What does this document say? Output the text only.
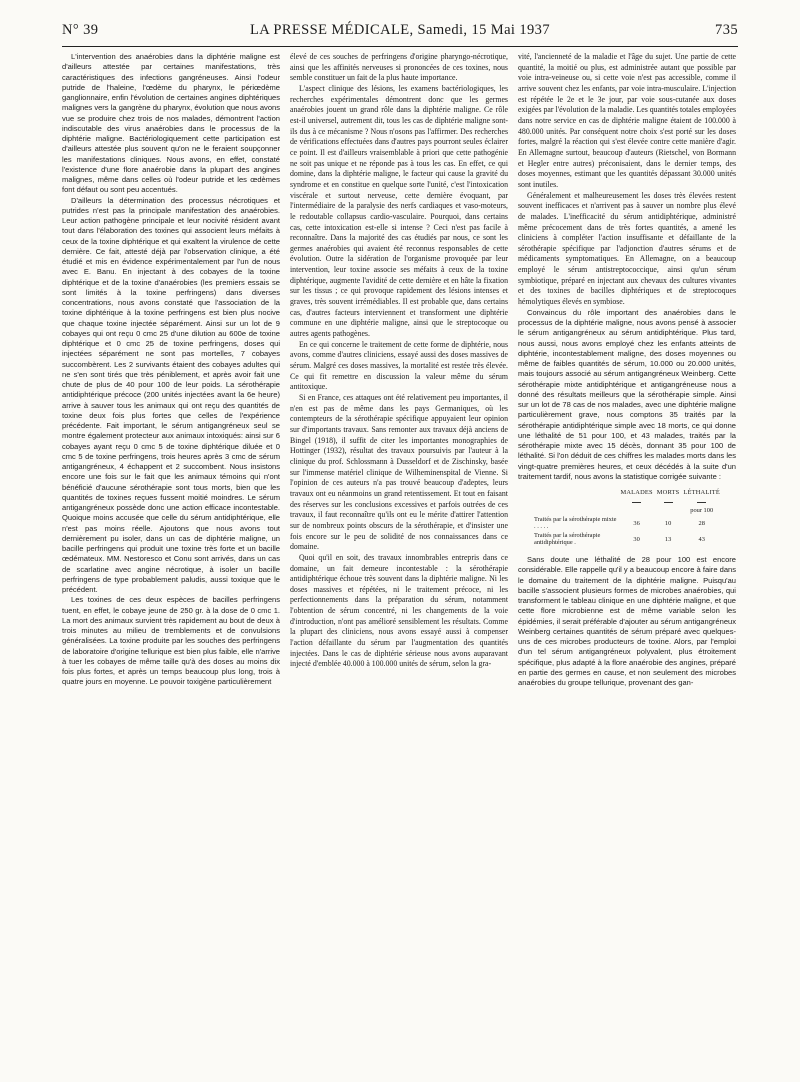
N° 39	LA PRESSE MÉDICALE, Samedi, 15 Mai 1937	735

L'intervention des anaérobies dans la diphtérie maligne est d'ailleurs attestée par certaines manifestations, très caractéristiques des infections gangréneuses. Ainsi l'odeur putride de l'haleine, l'œdème du pharynx, le périœdème ganglionnaire, enfin l'évolution de certaines angines diphtériques malignes vers la gangrène du pharynx, évolution que nous avons vue se produire chez trois de nos malades, démontrent l'action indiscutable des virus anaérobies dans le processus de la diphtérie maligne. Bactériologiquement cette participation est d'ailleurs attestée plus souvent qu'on ne le feraient soupçonner les manifestations cliniques. Nous avons, en effet, constaté l'existence d'une flore anaérobie dans la plupart des angines malignes, même dans celles où l'odeur putride et les œdèmes font défaut ou sont peu accentués.

D'ailleurs la détermination des processus nécrotiques et putrides n'est pas la principale manifestation des anaérobies. Leur action pathogène principale et leur nocivité résident avant tout dans l'élaboration des toxines qui associent leurs méfaits à ceux de la toxine diphtérique et qui exaltent la virulence de cette dernière. Ce fait, attesté déjà par l'observation clinique, a été étudié et mis en évidence expérimentalement par l'un de nous avec E. Banu. En injectant à des cobayes de la toxine diphtérique et de la toxine d'anaérobies (les premiers essais se sont limités à la toxine perfringens) dans diverses concentrations, nous avons constaté que l'association de la toxine diphtérique à la toxine perfringens est bien plus nocive que chaque toxine injectée séparément. Ainsi sur un lot de 9 cobayes qui ont reçu 0 cmc 25 d'une dilution au 600e de toxine diphtérique et 0 cmc 25 de toxine perfringens, doses qui injectées séparément ne sont pas mortelles, 7 cobayes succombèrent. Les 2 survivants étaient des cobayes adultes qui ne s'en sont tirés que très péniblement, et après avoir fait une chute de plus de 40 pour 100 de leur poids. La sérothérapie antidiphtérique précoce (200 unités injectées avant la 6e heure) arrive à sauver tous les animaux qui ont reçu des quantités de toxine deux fois plus fortes que celles de l'expérience précédente. Fait important, le sérum antigangréneux seul se montre également protecteur aux animaux intoxiqués: ainsi sur 6 cobayes ayant reçu 0 cmc 5 de toxine diphtérique diluée et 0 cmc 5 de toxine perfringens, trois heures après 3 cmc de sérum antigangréneux, 4 échappent et 2 succombent. Nous insistons encore une fois sur le fait que les animaux témoins qui n'ont bénéficié d'aucune sérothérapie sont tous morts, bien que les quantités de toxines reçues fussent moitié moindres. Le sérum antigangréneux possède donc une action efficace incontestable. Quoique moins accusée que celle du sérum antidiphtérique, elle n'est pas moins réelle. Ajoutons que nous avons tout dernièrement pu isoler, dans un cas de diphtérie maligne, un bacille perfringens qui produit une toxine très forte et un bacille œdémateux. MM. Nestoresco et Conu sont arrivés, dans un cas de scarlatine avec angine nécrotique, à isoler un bacille perfringens de type probablement paludis, aussi toxique que le précédent.

Les toxines de ces deux espèces de bacilles perfringens tuent, en effet, le cobaye jeune de 250 gr. à la dose de 0 cmc 1. La mort des animaux survient très rapidement au bout de deux à trois minutes au milieu de tremblements et de convulsions généralisées. La toxine produite par les souches des perfringens de laboratoire d'origine tellurique est bien plus faible, elle n'arrive à tuer les cobayes de même taille qu'à des doses au moins dix fois plus fortes, et après un temps beaucoup plus long, trois à quatre jours en moyenne. Le pouvoir toxigène particulièrement

élevé de ces souches de perfringens d'origine pharyngo-nécrotique, ainsi que les affinités nerveuses si prononcées de ces toxines, nous semble constituer un fait de la plus haute importance.

L'aspect clinique des lésions, les examens bactériologiques, les recherches expérimentales démontrent donc que les germes anaérobies jouent un grand rôle dans la diphtérie maligne. Ce rôle est-il universel, autrement dit, tous les cas de diphtérie maligne sont-ils dus à ce mécanisme ? Nous n'osons pas l'affirmer. Des recherches de vérifications effectuées dans d'autres pays pourront seules éclairer ce point. Il est d'ailleurs vraisemblable à priori que cette pathogénie ne soit pas unique et ne réponde pas à tous les cas. En effet, ce qui domine, dans la diphtérie maligne, le facteur qui cause la gravité du syndrome et en constitue en quelque sorte l'unité, c'est l'intoxication viscérale et surtout nerveuse, cette dernière évoquant, par l'intermédiaire de la paralysie des nerfs cardiaques et vaso-moteurs, le redoutable collapsus cardio-vasculaire. Pourquoi, dans certains cas, cette intoxication est-elle si intense ? Ceci n'est pas facile à reconnaître. Dans la majorité des cas étudiés par nous, ce sont les germes anaérobies qui avaient été reconnus responsables de cette évolution. Outre la sidération de l'organisme provoquée par leur intervention, leur toxine associe ses méfaits à ceux de la toxine diphtérique, augmente l'avidité de cette dernière et en hâte la fixation sur les tissus ; ce qui provoque rapidement des lésions intenses et graves, très souvent irrémédiables. Il est probable que, dans certains cas, d'autres facteurs interviennent et transforment une diphtérie commune en une diphtérie maligne, ainsi que le streptocoque ou autres agents pathogènes.

En ce qui concerne le traitement de cette forme de diphtérie, nous avons, comme d'autres cliniciens, essayé aussi des doses massives de sérum. Malgré ces doses massives, la mortalité est restée très élevée. Ce qui fit remettre en discussion la valeur même du sérum antitoxique.

Si en France, ces attaques ont été relativement peu importantes, il n'en est pas de même dans les pays Germaniques, où les contempteurs de la sérothérapie spécifique appuyaient leur opinion sur d'importants travaux. Sans remonter aux travaux déjà anciens de Bingel (1918), il suffit de citer les importantes monographies de Hottinger (1932), résultat des travaux poursuivis par l'auteur à la clinique du prof. Schlossmann à Dusseldorf et de Zischinsky, basée sur l'immense matériel clinique de Wilheminenspital de Vienne. Si l'opinion de ces auteurs n'a pas trouvé beaucoup d'adeptes, leurs travaux ont eu néanmoins un grand retentissement. Et tout en faisant des réserves sur les conclusions excessives et parfois outrées de ces travaux, il faut reconnaître qu'ils ont eu le mérite d'attirer l'attention sur de nombreux points obscurs de la sérothérapie, et d'insister une fois encore sur le peu de solidité de nos connaissances dans ce domaine.

Quoi qu'il en soit, des travaux innombrables entrepris dans ce domaine, un fait demeure incontestable : la sérothérapie antidiphtérique échoue très souvent dans la diphtérie maligne. Ni les doses massives et répétées, ni le traitement précoce, ni les perfectionnements dans la préparation du sérum, notamment l'obtention de sérum concentré, ni les changements de la voie d'introduction, n'ont pas amélioré sensiblement les résultats. Comme la plupart des cliniciens, nous avons essayé aussi à compenser l'action défaillante du sérum par l'augmentation des quantités injectées. Dans le cas de diphtérie sérieuse nous avons auparavant injecté d'emblée 40.000 à 100.000 unités de sérum, selon la gra-

vité, l'ancienneté de la maladie et l'âge du sujet. Une partie de cette quantité, la moitié ou plus, est administrée autant que possible par voie intra-veineuse ou, si cette voie n'est pas accessible, comme il arrive souvent chez les enfants, par voie intra-musculaire. L'injection est répétée le 2e et le 3e jour, par voie sous-cutanée aux doses exigées par l'évolution de la maladie. Les quantités totales employées dans notre service en cas de diphtérie maligne étaient de 100.000 à 480.000 unités. Par conséquent notre choix s'est porté sur les doses fortes, malgré la réaction qui s'est élevée contre cette manière d'agir. En Allemagne surtout, beaucoup d'auteurs (Rietschel, von Bormann et Hegler entre autres) préconisaient, dans le dernier temps, des doses moyennes, estimant que les quantités dépassant 30.000 unités sont inutiles.

Généralement et malheureusement les doses très élevées restent souvent inefficaces et n'arrivent pas à sauver un nombre plus élevé de malades. L'inefficacité du sérum antidiphtérique, administré même précocement dans de très fortes quantités, a amené les cliniciens à compléter l'action insuffisante et défaillante de la sérothérapie spécifique par l'adjonction d'autres sérums et de médicaments symptomatiques. En Allemagne, on a beaucoup employé le sérum antistreptococcique, ainsi qu'un sérum symbiotique, préparé en injectant aux chevaux des cultures vivantes et des toxines de bacilles diphtériques et de streptocoques hémolytiques élevés en symbiose.

Convaincus du rôle important des anaérobies dans le processus de la diphtérie maligne, nous avons pensé à associer le sérum antigangréneux au sérum antidiphtérique. Plus tard, nous aussi, nous avons employé chez les enfants atteints de diphtérie, incontestablement maligne, des doses moyennes ou même de faibles quantités de sérum, 10.000 ou 20.000 unités, mais toujours associé au sérum antigangréneux Weinberg. Cette sérothérapie mixte antidiphtérique et antigangréneuse nous a donné des résultats meilleurs que la sérothérapie simple. Ainsi sur un lot de 78 cas de nos malades, avec une diphtérie maligne particulièrement grave, nous comptons 35 traités par la sérothérapie antidiphtérique simple avec 18 morts, ce qui donne une léthalité de 51 pour 100, et 43 malades, traités par la sérothérapie mixte avec 15 décès, donnant 35 pour 100 de léthalité. Si l'on déduit de ces chiffres les malades morts dans les vingt-quatre premières heures, et ceux décédés à la suite d'un traitement tardif, nous avons la statistique corrigée suivante :

	MALADES	MORTS	LÉTHALITÉ

			pour 100
Traités par la sérothérapie mixte . . . . .	36	10	28
Traités par la sérothérapie antidiphtérique .	30	13	43

Sans doute une léthalité de 28 pour 100 est encore considérable. Elle rappelle qu'il y a beaucoup encore à faire dans le domaine du traitement de la diphtérie maligne. Puisqu'au bacille s'associent plusieurs formes de microbes anaérobies, qui transforment le tableau clinique en une diphtérie maligne, et que cette flore microbienne est de même variable selon les épidémies, il serait préférable d'ajouter au sérum antigangréneux Weinberg certaines quantités de sérum préparé avec quelques-uns de ces microbes producteurs de toxine. Alors, par l'emploi d'un tel sérum antigangréneux polyvalent, plus étroitement spécifique, plus adapté à la flore anaérobie des angines, préparé en partie des germes en cause, et non seulement des microbes anaérobies du groupe tellurique, provenant des gan-
